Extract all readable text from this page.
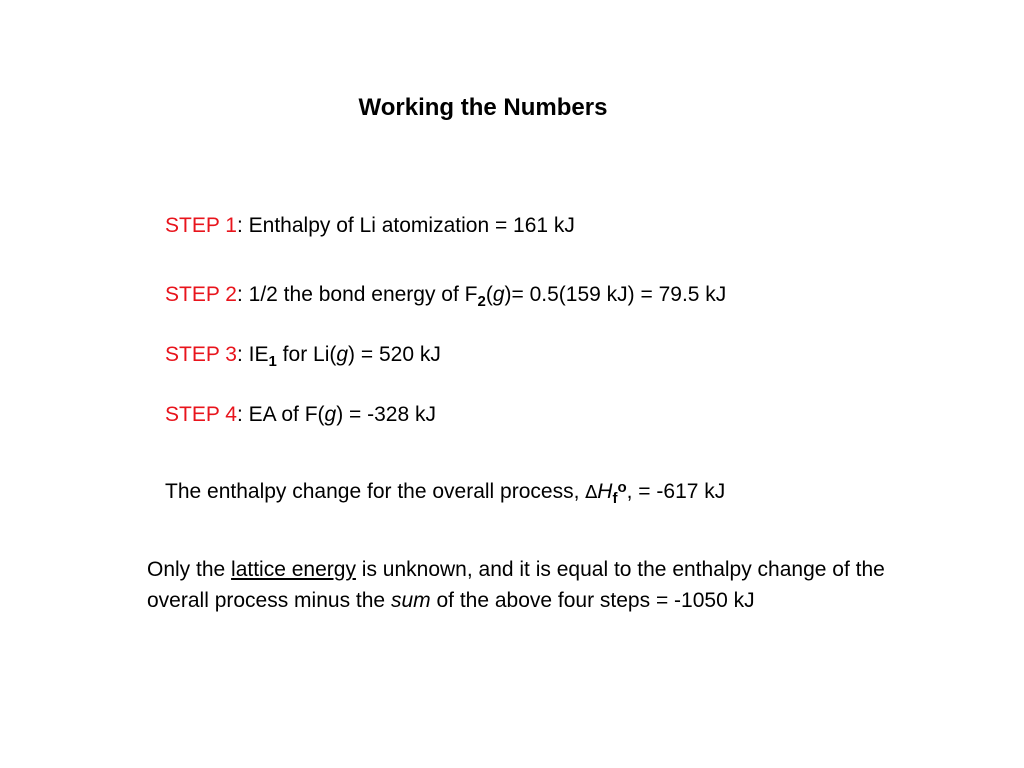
Working the Numbers
STEP 1: Enthalpy of Li atomization = 161 kJ
STEP 2: 1/2 the bond energy of $F_2(g)= 0.5(159$ kJ) = 79.5 kJ
STEP 3: $IE_1$ for Li(g) = 520 kJ
STEP 4: EA of F(g) = -328 kJ
The enthalpy change for the overall process, $\Delta H_f^o$, = -617 kJ
Only the lattice energy is unknown, and it is equal to the enthalpy change of the overall process minus the sum of the above four steps = -1050 kJ
